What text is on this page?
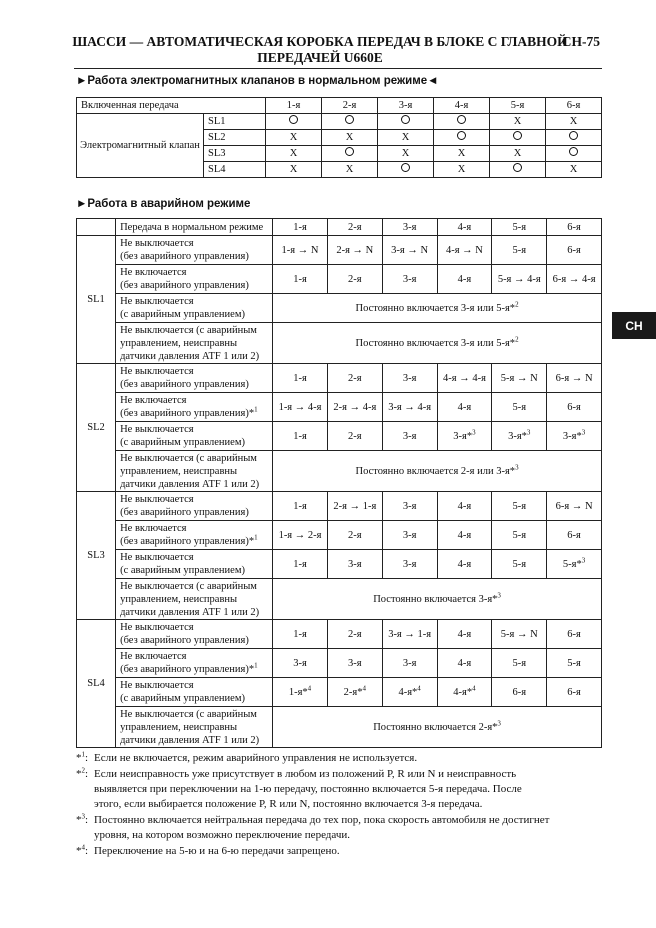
ШАССИ — АВТОМАТИЧЕСКАЯ КОРОБКА ПЕРЕДАЧ В БЛОКЕ С ГЛАВНОЙ
ПЕРЕДАЧЕЙ U660E
CH-75
CH
►Работа электромагнитных клапанов в нормальном режиме◄
Включенная передача		1-я	2-я	3-я	4-я	5-я	6-я
Электромагнитный клапан	SL1					X	X
	SL2	X	X	X			
	SL3	X		X	X	X	
	SL4	X	X		X		X
►Работа в аварийном режиме
	Передача в нормальном режиме	1-я	2-я	3-я	4-я	5-я	6-я
SL1	Не выключается
(без аварийного управления)	1-я → N	2-я → N	3-я → N	4-я → N	5-я	6-я

	Не включается
(без аварийного управления)	1-я	2-я	3-я	4-я	5-я → 4-я	6-я → 4-я

	Не выключается
(с аварийным управлением)	Постоянно включается 3-я или 5-я*$^2$

	Не выключается (с аварийным
управлением, неисправны
датчики давления ATF 1 или 2)	Постоянно включается 3-я или 5-я*$^2$
SL2	Не выключается
(без аварийного управления)	1-я	2-я	3-я	4-я → 4-я	5-я → N	6-я → N

	Не включается
(без аварийного управления)*$^1$	1-я → 4-я	2-я → 4-я	3-я → 4-я	4-я	5-я	6-я

	Не выключается
(с аварийным управлением)	1-я	2-я	3-я	3-я*$^3$	3-я*$^3$	3-я*$^3$

	Не выключается (с аварийным
управлением, неисправны
датчики давления ATF 1 или 2)	Постоянно включается 2-я или 3-я*$^3$
SL3	Не выключается
(без аварийного управления)	1-я	2-я → 1-я	3-я	4-я	5-я	6-я → N

	Не включается
(без аварийного управления)*$^1$	1-я → 2-я	2-я	3-я	4-я	5-я	6-я

	Не выключается
(с аварийным управлением)	1-я	3-я	3-я	4-я	5-я	5-я*$^3$

	Не выключается (с аварийным
управлением, неисправны
датчики давления ATF 1 или 2)	Постоянно включается 3-я*$^3$
SL4	Не выключается
(без аварийного управления)	1-я	2-я	3-я → 1-я	4-я	5-я → N	6-я

	Не включается
(без аварийного управления)*$^1$	3-я	3-я	3-я	4-я	5-я	5-я

	Не выключается
(с аварийным управлением)	1-я*$^4$	2-я*$^4$	4-я*$^4$	4-я*$^4$	6-я	6-я

	Не выключается (с аварийным
управлением, неисправны
датчики давления ATF 1 или 2)	Постоянно включается 2-я*$^3$
*$^1$: Если не включается, режим аварийного управления не используется.
*$^2$: Если неисправность уже присутствует в любом из положений P, R или N и неисправность
выявляется при переключении на 1-ю передачу, постоянно включается 5-я передача. После
этого, если выбирается положение P, R или N, постоянно включается 3-я передача.
*$^3$: Постоянно включается нейтральная передача до тех пор, пока скорость автомобиля не достигнет
уровня, на котором возможно переключение передачи.
*$^4$: Переключение на 5-ю и на 6-ю передачи запрещено.
